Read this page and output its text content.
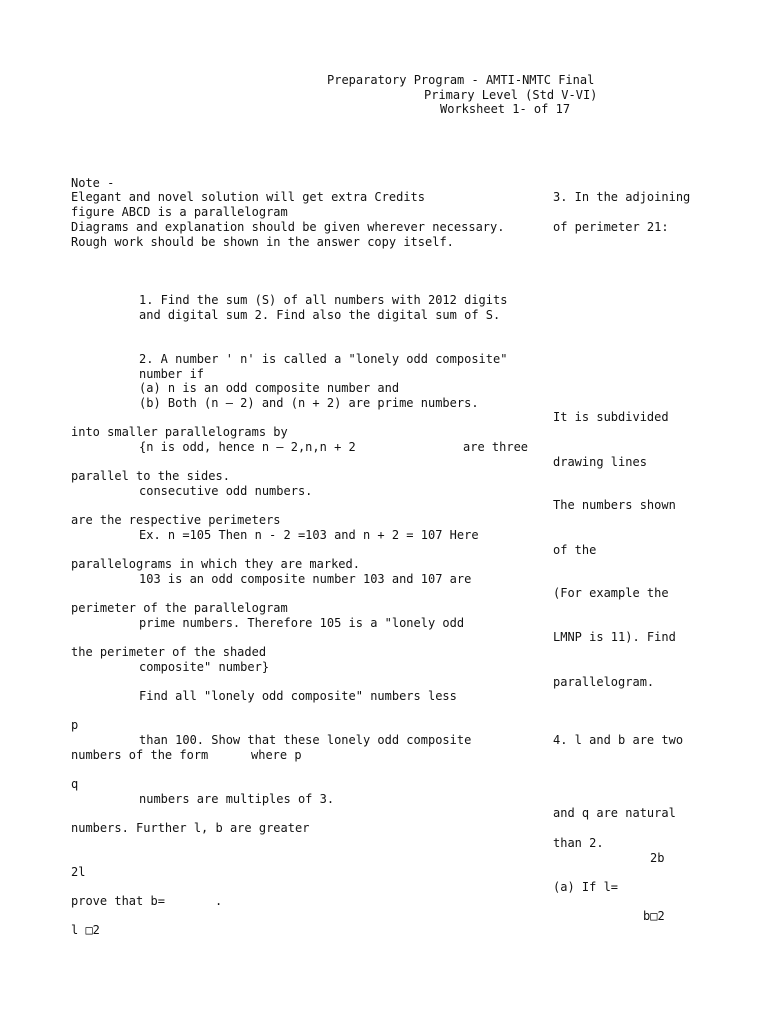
Preparatory Program - AMTI-NMTC Final

Primary Level (Std V-VI)

Worksheet 1- of 17

Note -

Elegant and novel solution will get extra Credits

figure ABCD is a parallelogram

Diagrams and explanation should be given wherever necessary.

Rough work should be shown in the answer copy itself.

3. In the adjoining

of perimeter 21:

1. Find the sum (S) of all numbers with 2012 digits

and digital sum 2. Find also the digital sum of S.

2. A number ' n' is called a "lonely odd composite"

number if

(a) n is an odd composite number and

(b) Both (n — 2) and (n + 2) are prime numbers.

It is subdivided

into smaller parallelograms by

{n is odd, hence n — 2,n,n + 2	are three

drawing lines

parallel to the sides.

consecutive odd numbers.

The numbers shown

are the respective perimeters

Ex. n =105 Then n - 2 =103 and n + 2 = 107 Here

of the

parallelograms in which they are marked.

103 is an odd composite number 103 and 107 are

(For example the

perimeter of the parallelogram

prime numbers. Therefore 105 is a "lonely odd

LMNP is 11). Find

the perimeter of the shaded

composite" number}

parallelogram.

Find all "lonely odd composite" numbers less

p

than 100. Show that these lonely odd composite	4. l and b are two

numbers of the form	where p

q

numbers are multiples of 3.

and q are natural

numbers. Further l, b are greater

than 2.

2b

2l

(a) If l=

prove that b=	.

b□2

l □2
